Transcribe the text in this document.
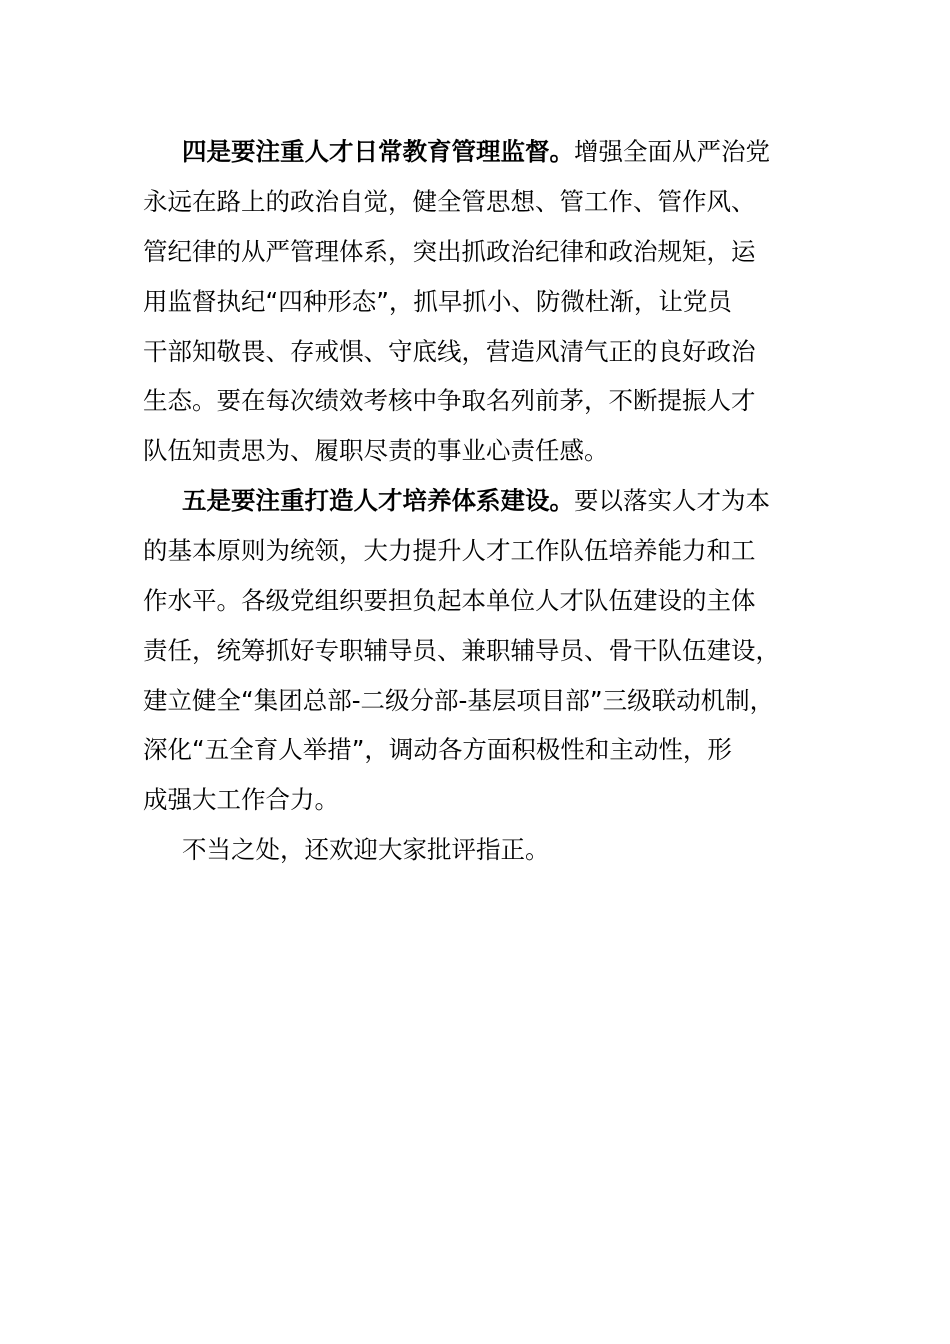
四是要注重人才日常教育管理监督。增强全面从严治党
永远在路上的政治自觉，健全管思想、管工作、管作风、
管纪律的从严管理体系，突出抓政治纪律和政治规矩，运
用监督执纪“四种形态”，抓早抓小、防微杜渐，让党员
干部知敬畏、存戒惧、守底线，营造风清气正的良好政治
生态。要在每次绩效考核中争取名列前茅，不断提振人才
队伍知责思为、履职尽责的事业心责任感。
五是要注重打造人才培养体系建设。要以落实人才为本
的基本原则为统领，大力提升人才工作队伍培养能力和工
作水平。各级党组织要担负起本单位人才队伍建设的主体
责任，统筹抓好专职辅导员、兼职辅导员、骨干队伍建设，
建立健全“集团总部-二级分部-基层项目部”三级联动机制，
深化“五全育人举措”，调动各方面积极性和主动性，形
成强大工作合力。
不当之处，还欢迎大家批评指正。
